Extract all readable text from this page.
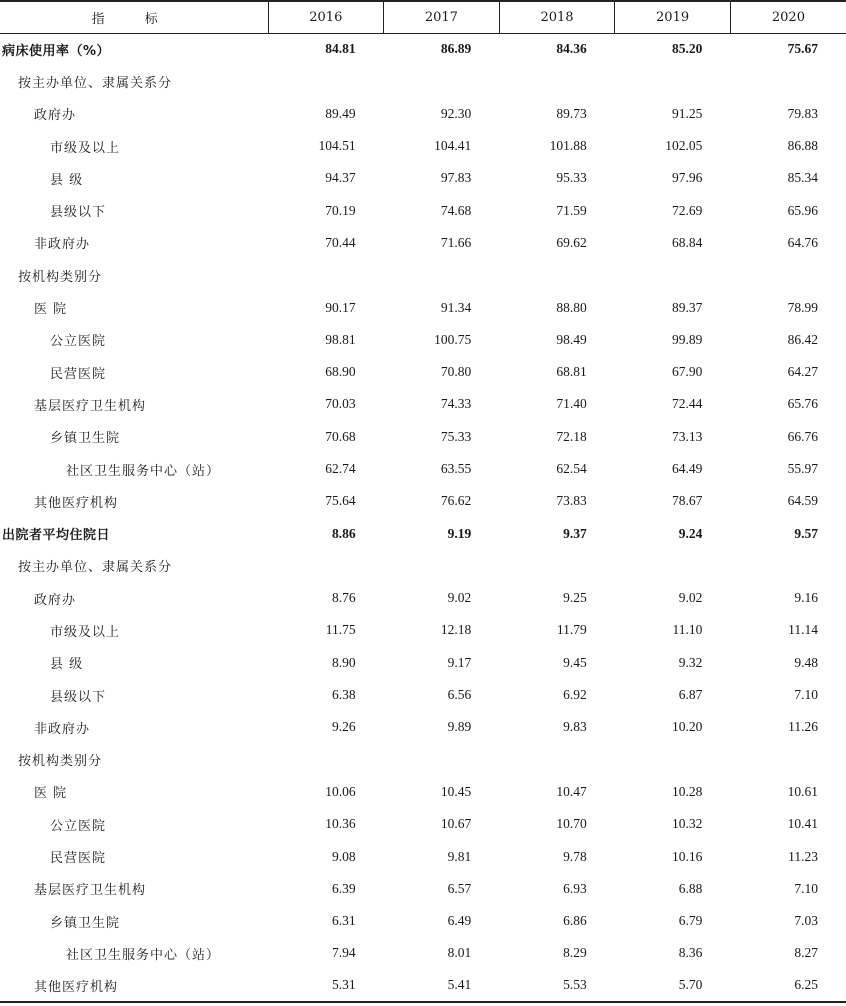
指 标	2016	2017	2018	2019	2020
病床使用率（%）	84.81	86.89	84.36	85.20	75.67
按主办单位、隶属关系分					
政府办	89.49	92.30	89.73	91.25	79.83
市级及以上	104.51	104.41	101.88	102.05	86.88
县 级	94.37	97.83	95.33	97.96	85.34
县级以下	70.19	74.68	71.59	72.69	65.96
非政府办	70.44	71.66	69.62	68.84	64.76
按机构类别分					
医 院	90.17	91.34	88.80	89.37	78.99
公立医院	98.81	100.75	98.49	99.89	86.42
民营医院	68.90	70.80	68.81	67.90	64.27
基层医疗卫生机构	70.03	74.33	71.40	72.44	65.76
乡镇卫生院	70.68	75.33	72.18	73.13	66.76
社区卫生服务中心（站）	62.74	63.55	62.54	64.49	55.97
其他医疗机构	75.64	76.62	73.83	78.67	64.59
出院者平均住院日	8.86	9.19	9.37	9.24	9.57
按主办单位、隶属关系分					
政府办	8.76	9.02	9.25	9.02	9.16
市级及以上	11.75	12.18	11.79	11.10	11.14
县 级	8.90	9.17	9.45	9.32	9.48
县级以下	6.38	6.56	6.92	6.87	7.10
非政府办	9.26	9.89	9.83	10.20	11.26
按机构类别分					
医 院	10.06	10.45	10.47	10.28	10.61
公立医院	10.36	10.67	10.70	10.32	10.41
民营医院	9.08	9.81	9.78	10.16	11.23
基层医疗卫生机构	6.39	6.57	6.93	6.88	7.10
乡镇卫生院	6.31	6.49	6.86	6.79	7.03
社区卫生服务中心（站）	7.94	8.01	8.29	8.36	8.27
其他医疗机构	5.31	5.41	5.53	5.70	6.25
